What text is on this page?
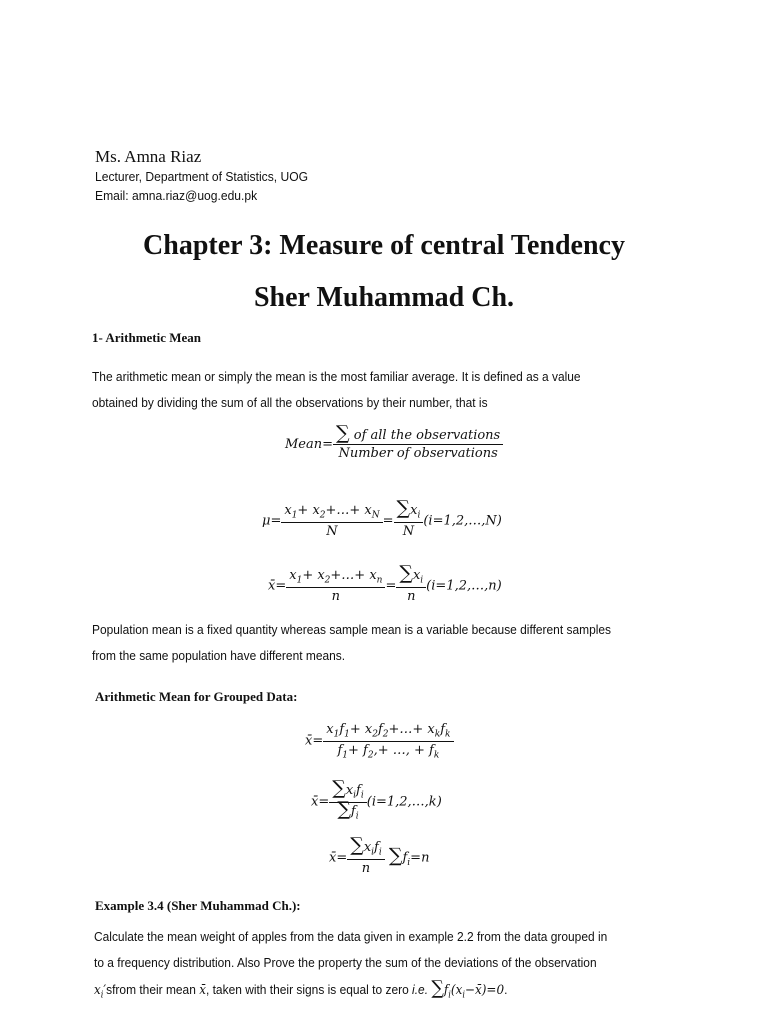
Ms. Amna Riaz
Lecturer, Department of Statistics, UOG
Email: amna.riaz@uog.edu.pk
Chapter 3: Measure of central Tendency
Sher Muhammad Ch.
1- Arithmetic Mean
The arithmetic mean or simply the mean is the most familiar average. It is defined as a value
obtained by dividing the sum of all the observations by their number, that is
Mean= $\frac{\text{∑ of all the observations}}{\text{Number of observations}}$
$\mu= \frac{x_1+ x_2+\dots+ x_N}{N} = \frac{\sum x_i}{N}$ (i=1,2,…,N)
x̄= $\frac{x_1+ x_2+\dots+ x_n}{n} = \frac{\sum x_i}{n}$ (i=1,2,…,n)
Population mean is a fixed quantity whereas sample mean is a variable because different samples
from the same population have different means.
Arithmetic Mean for Grouped Data:
x̄= $\frac{x_1f_1+ x_2f_2+\dots+ x_kf_k}{f_1+ f_2,+ \dots, + f_k}$
x̄= $\frac{\sum x_if_i}{\sum f_i}$ (i=1,2,…,k)
x̄= $\frac{\sum x_if_i}{n} \sum f_i=n$
Example 3.4 (Sher Muhammad Ch.):
Calculate the mean weight of apples from the data given in example 2.2 from the data grouped in
to a frequency distribution. Also Prove the property the sum of the deviations of the observation
$x_i'sfrom$ their mean x̄, taken with their signs is equal to zero i.e. $\sum f_i(x_i-x̄)=0$.
